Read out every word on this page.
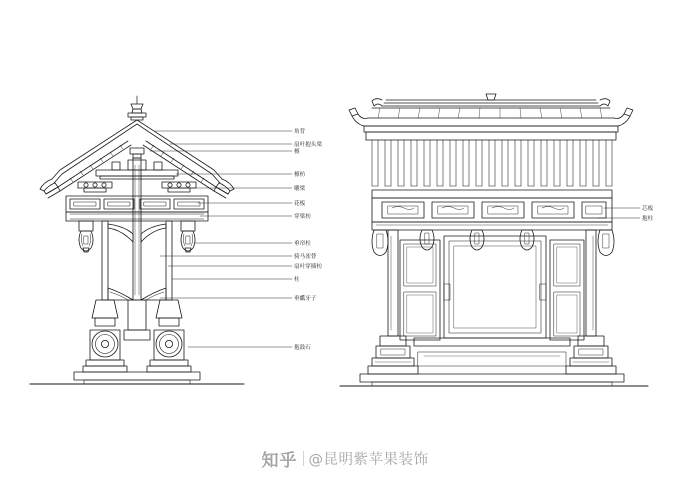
角背
扇叶抱头梁
檩
檩枋
雕梁
花板
穿梁枋
垂帘柱
骑马雀替
扇叶穿插枋
柱
垂瓤牙子
抱鼓石
芯板
抱柱
知乎 @昆明紫苹果装饰
